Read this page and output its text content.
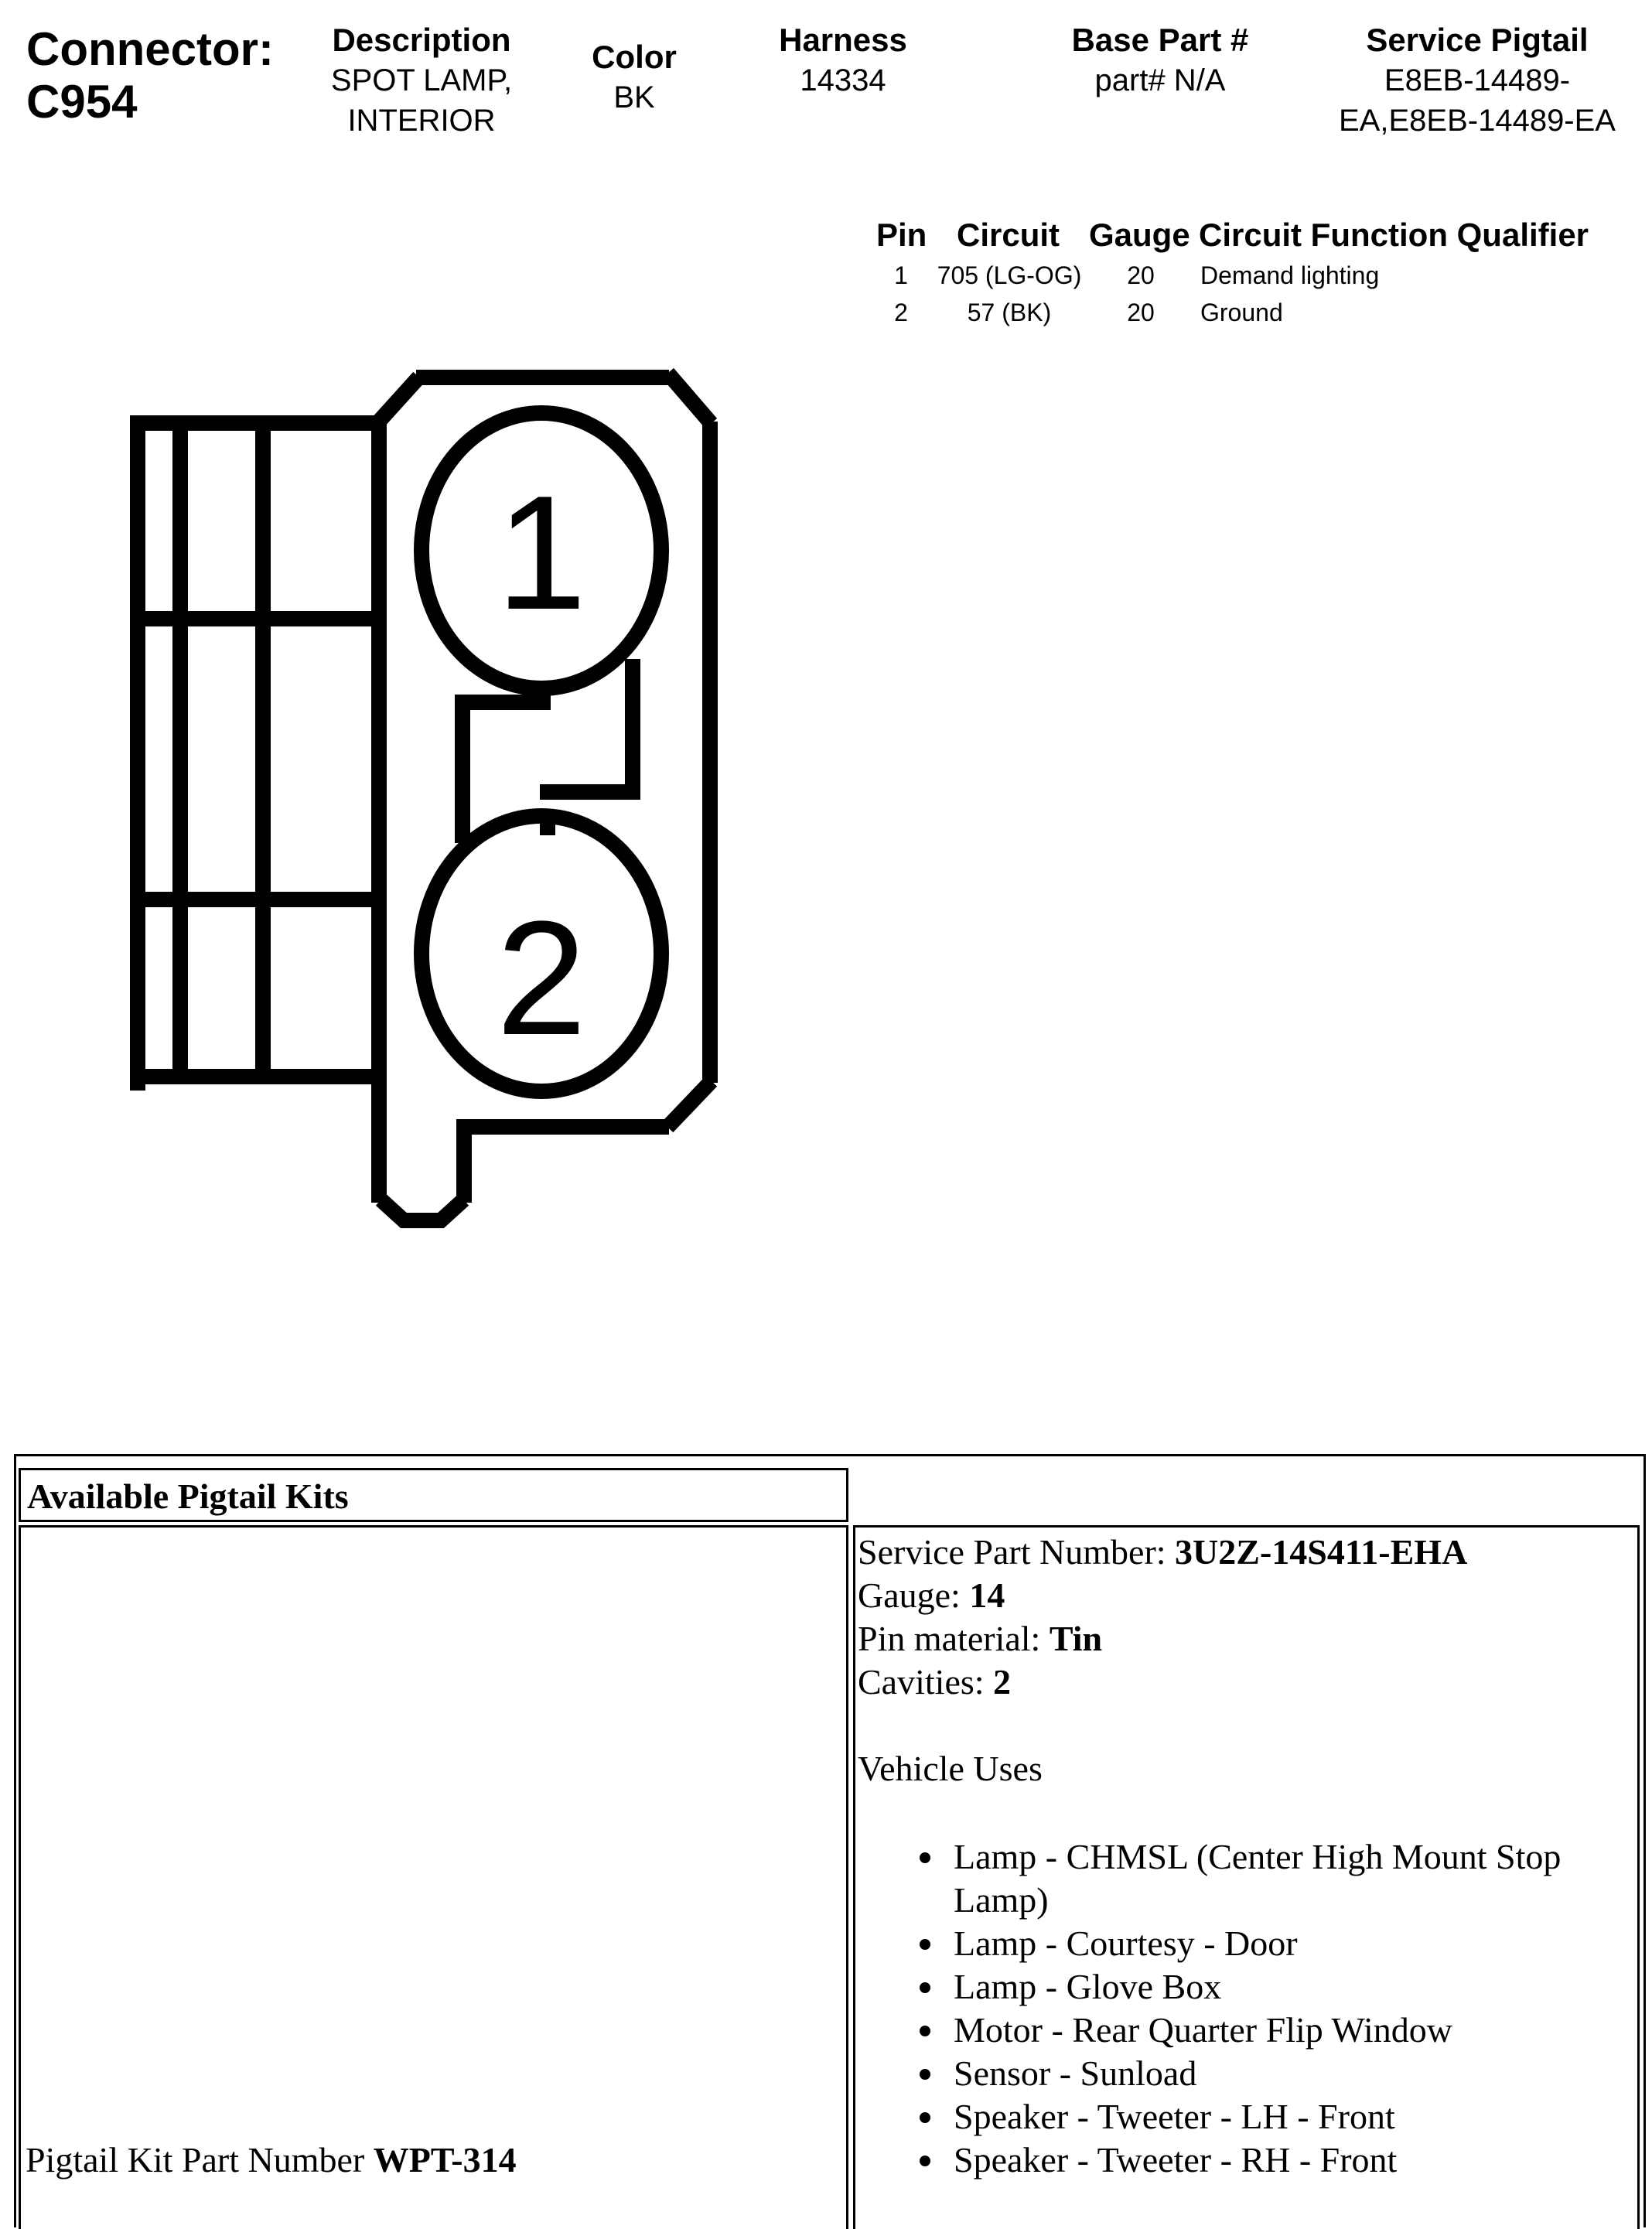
Connector:
C954
Description
SPOT LAMP,
INTERIOR
Color
BK
Harness
14334
Base Part #
part# N/A
Service Pigtail
E8EB-14489-
EA,E8EB-14489-EA
Pin Circuit Gauge Circuit Function Qualifier
1	705 (LG-OG)	20	Demand lighting
2	57 (BK)	20	Ground
1
2
Available Pigtail Kits
Pigtail Kit Part Number WPT-314
Service Part Number: 3U2Z-14S411-EHA
Gauge: 14
Pin material: Tin
Cavities: 2
Vehicle Uses
Lamp - CHMSL (Center High Mount Stop Lamp)
Lamp - Courtesy - Door
Lamp - Glove Box
Motor - Rear Quarter Flip Window
Sensor - Sunload
Speaker - Tweeter - LH - Front
Speaker - Tweeter - RH - Front
